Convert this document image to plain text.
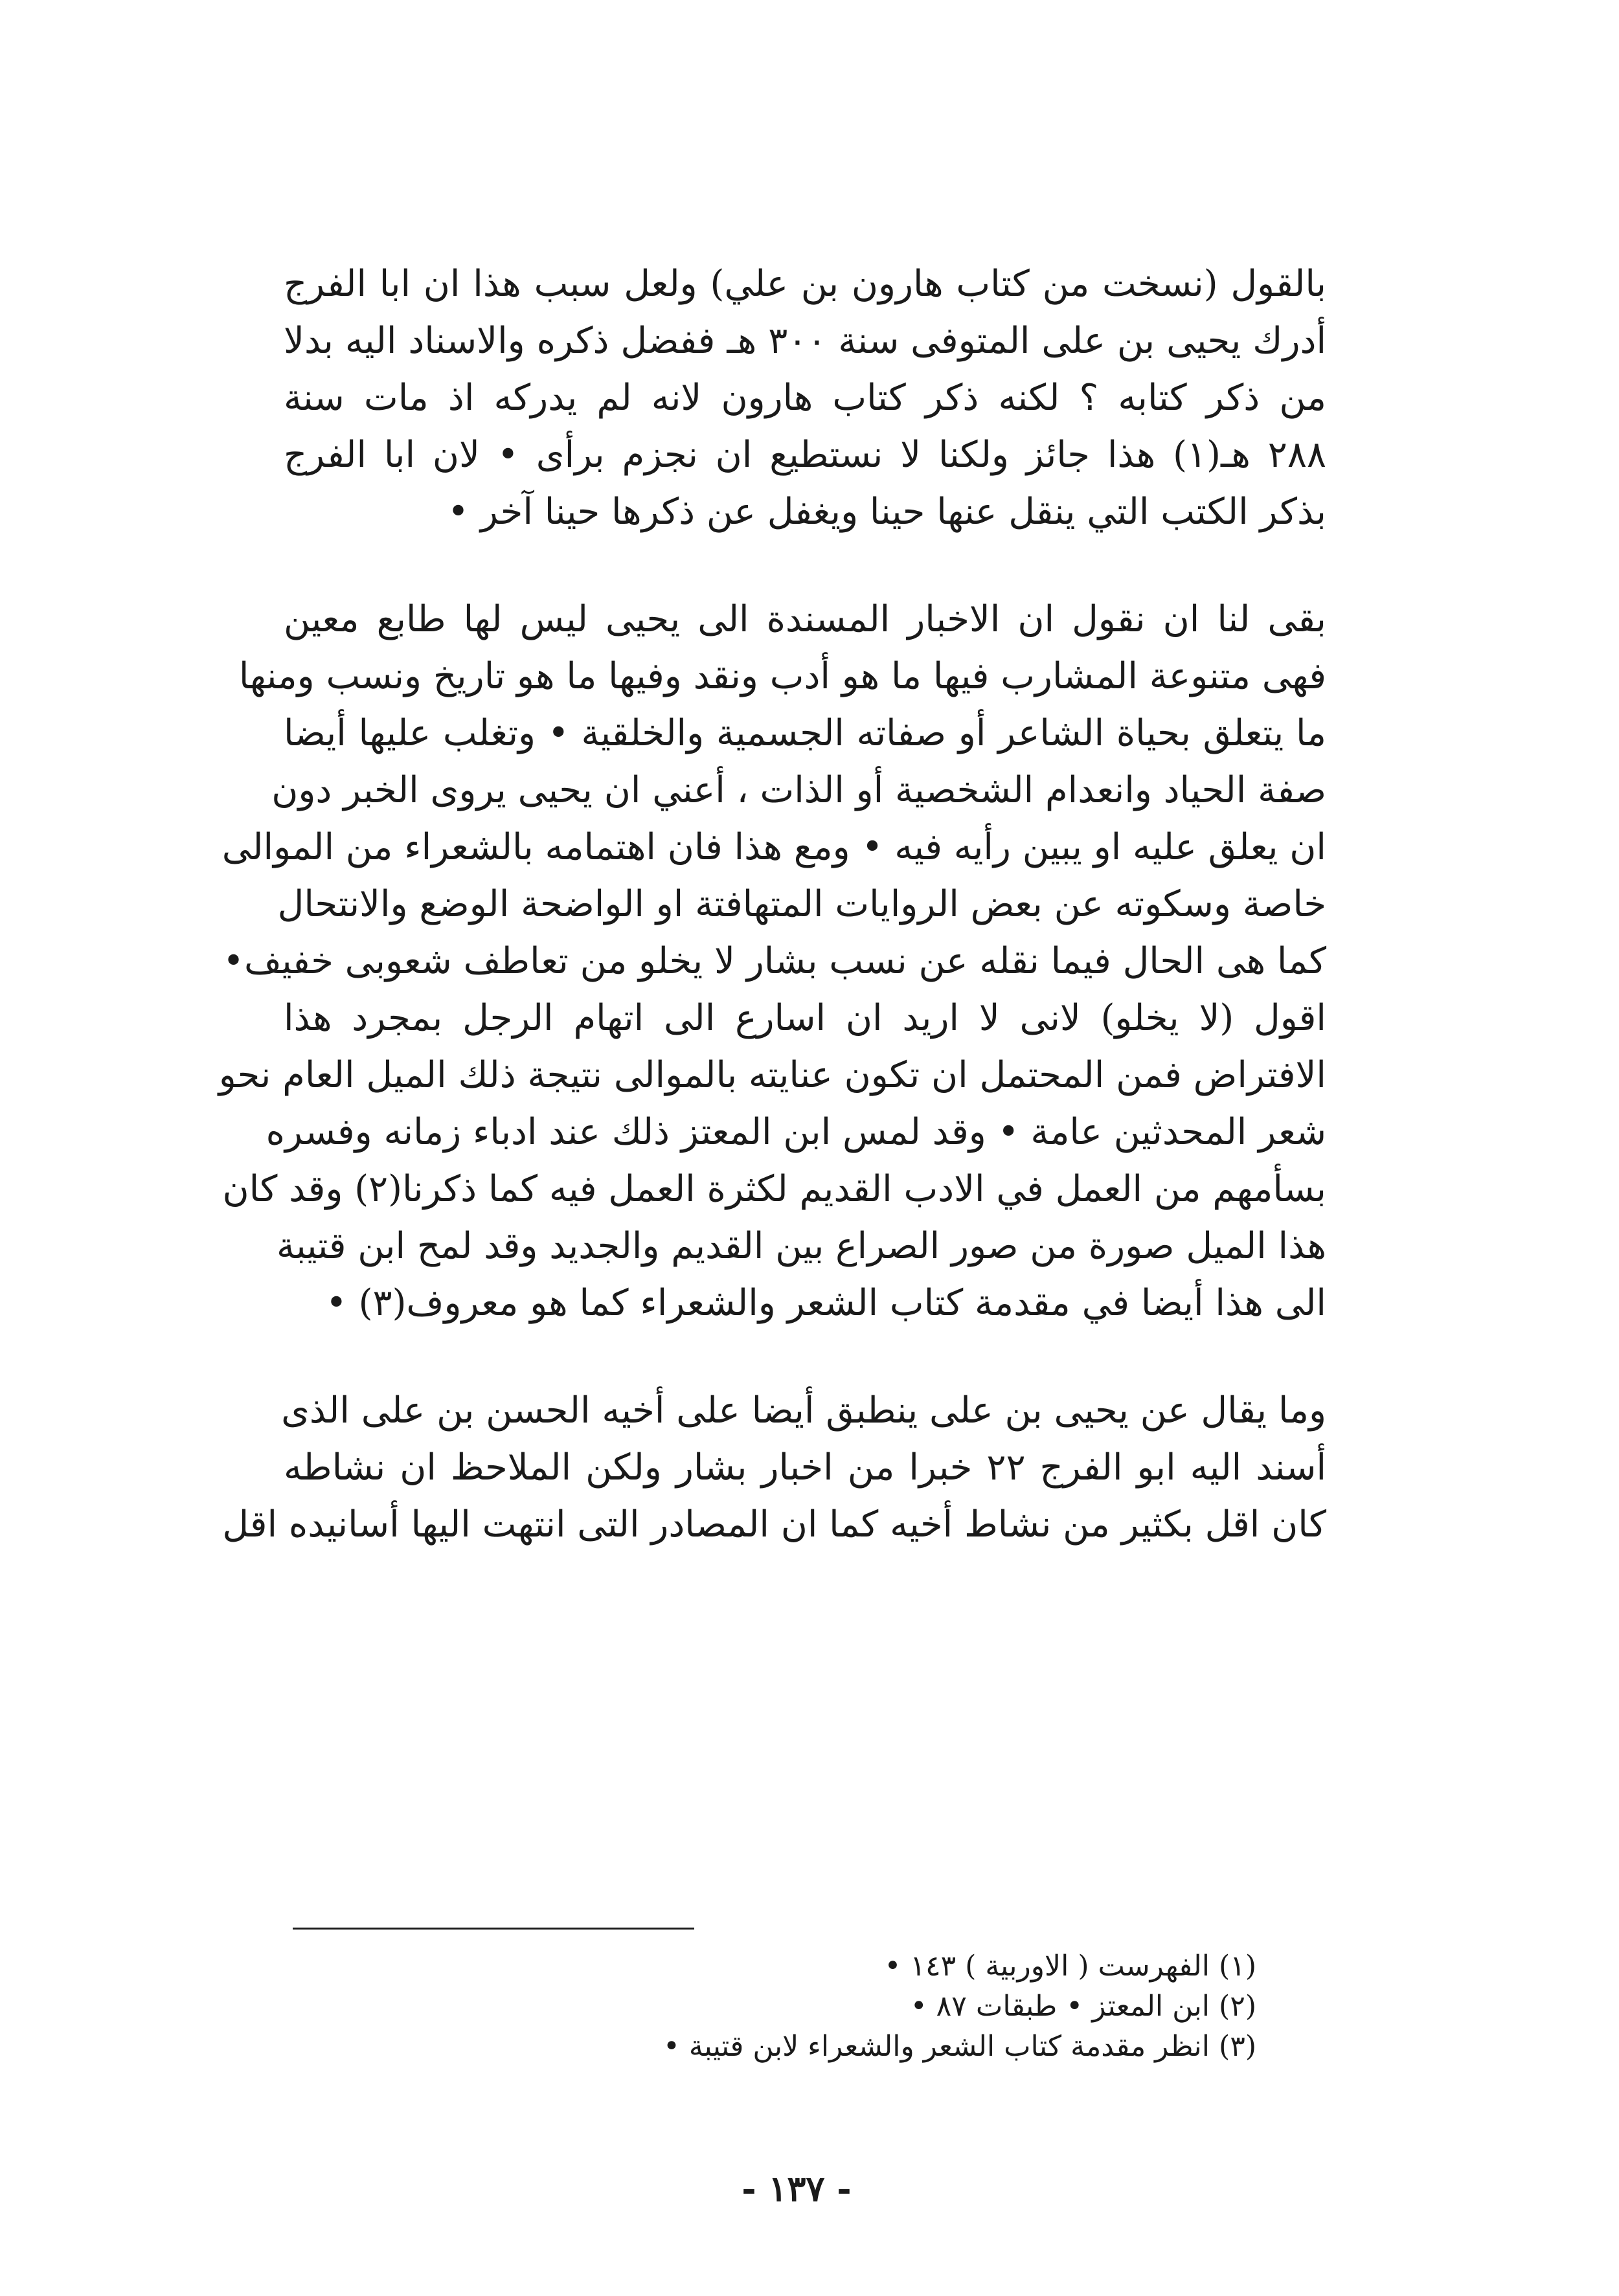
بالقول (نسخت من كتاب هارون بن علي) ولعل سبب هذا ان ابا الفرج
أدرك يحيى بن على المتوفى سنة ٣٠٠ هـ ففضل ذكره والاسناد اليه بدلا
من ذكر كتابه ؟ لكنه ذكر كتاب هارون لانه لم يدركه اذ مات سنة
٢٨٨ هـ(١) هذا جائز ولكنا لا نستطيع ان نجزم برأى • لان ابا الفرج
بذكر الكتب التي ينقل عنها حينا ويغفل عن ذكرها حينا آخر •
بقى لنا ان نقول ان الاخبار المسندة الى يحيى ليس لها طابع معين
فهى متنوعة المشارب فيها ما هو أدب ونقد وفيها ما هو تاريخ ونسب ومنها
ما يتعلق بحياة الشاعر أو صفاته الجسمية والخلقية • وتغلب عليها أيضا
صفة الحياد وانعدام الشخصية أو الذات ، أعني ان يحيى يروى الخبر دون
ان يعلق عليه او يبين رأيه فيه • ومع هذا فان اهتمامه بالشعراء من الموالى
خاصة وسكوته عن بعض الروايات المتهافتة او الواضحة الوضع والانتحال
كما هى الحال فيما نقله عن نسب بشار لا يخلو من تعاطف شعوبى خفيف•
اقول (لا يخلو) لانى لا اريد ان اسارع الى اتهام الرجل بمجرد هذا
الافتراض فمن المحتمل ان تكون عنايته بالموالى نتيجة ذلك الميل العام نحو
شعر المحدثين عامة • وقد لمس ابن المعتز ذلك عند ادباء زمانه وفسره
بسأمهم من العمل في الادب القديم لكثرة العمل فيه كما ذكرنا(٢) وقد كان
هذا الميل صورة من صور الصراع بين القديم والجديد وقد لمح ابن قتيبة
الى هذا أيضا في مقدمة كتاب الشعر والشعراء كما هو معروف(٣) •
وما يقال عن يحيى بن على ينطبق أيضا على أخيه الحسن بن على الذى
أسند اليه ابو الفرج ٢٢ خبرا من اخبار بشار ولكن الملاحظ ان نشاطه
كان اقل بكثير من نشاط أخيه كما ان المصادر التى انتهت اليها أسانيده اقل
(١) الفهرست ( الاوربية ) ١٤٣ •
(٢) ابن المعتز • طبقات ٨٧ •
(٣) انظر مقدمة كتاب الشعر والشعراء لابن قتيبة •
- ١٣٧ -
